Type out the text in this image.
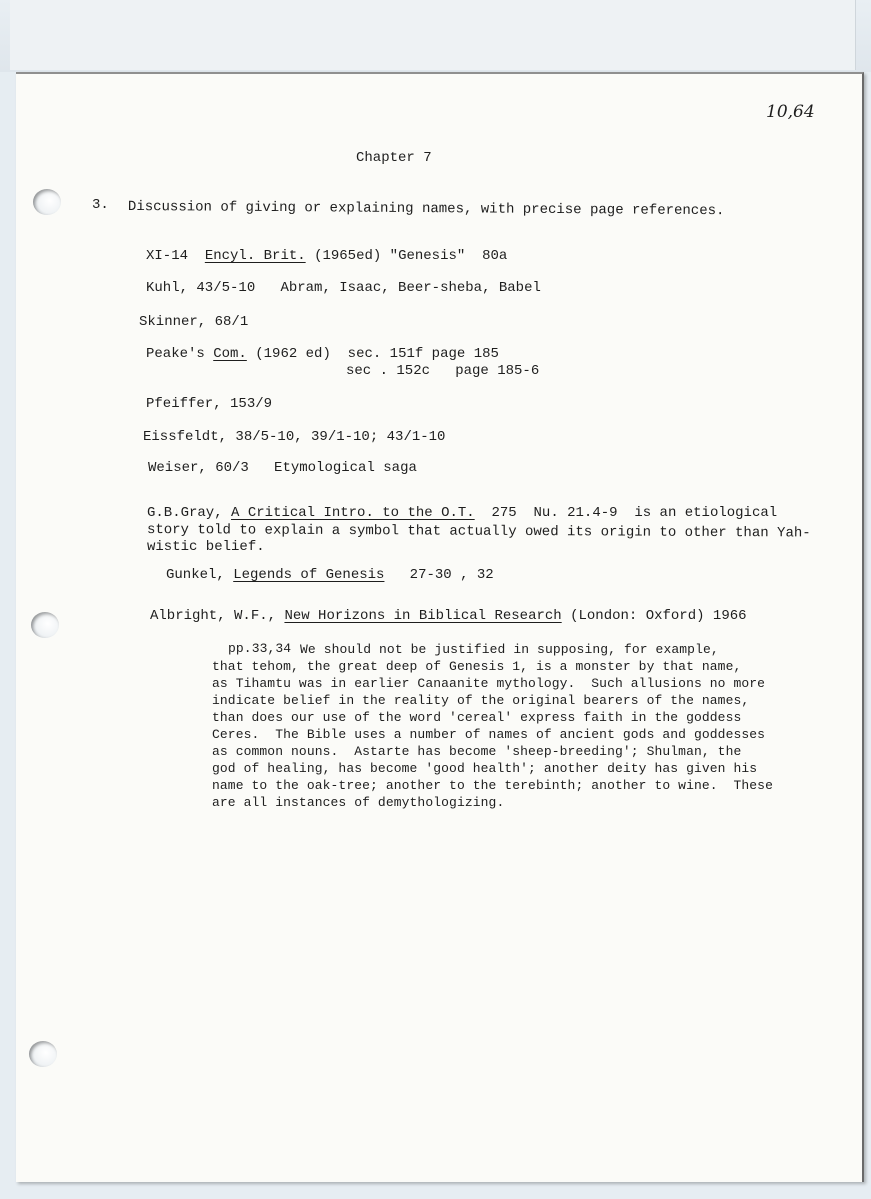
10,64
Chapter 7
3. Discussion of giving or explaining names, with precise page references.
XI-14 Encyl. Brit. (1965ed) "Genesis" 80a
Kuhl, 43/5-10 Abram, Isaac, Beer-sheba, Babel
Skinner, 68/1
Peake's Com. (1962 ed) sec. 151f page 185
sec . 152c   page 185-6
Pfeiffer, 153/9
Eissfeldt, 38/5-10, 39/1-10; 43/1-10
Weiser, 60/3 Etymological saga
G.B.Gray, A Critical Intro. to the O.T. 275 Nu. 21.4-9 is an etiological
story told to explain a symbol that actually owed its origin to other than Yah-
wistic belief.
Gunkel, Legends of Genesis 27-30 , 32
Albright, W.F., New Horizons in Biblical Research (London: Oxford) 1966
pp.33,34 We should not be justified in supposing, for example,
that tehom, the great deep of Genesis 1, is a monster by that name,
as Tihamtu was in earlier Canaanite mythology.  Such allusions no more
indicate belief in the reality of the original bearers of the names,
than does our use of the word 'cereal' express faith in the goddess
Ceres.  The Bible uses a number of names of ancient gods and goddesses
as common nouns.  Astarte has become 'sheep-breeding'; Shulman, the
god of healing, has become 'good health'; another deity has given his
name to the oak-tree; another to the terebinth; another to wine.  These
are all instances of demythologizing.
